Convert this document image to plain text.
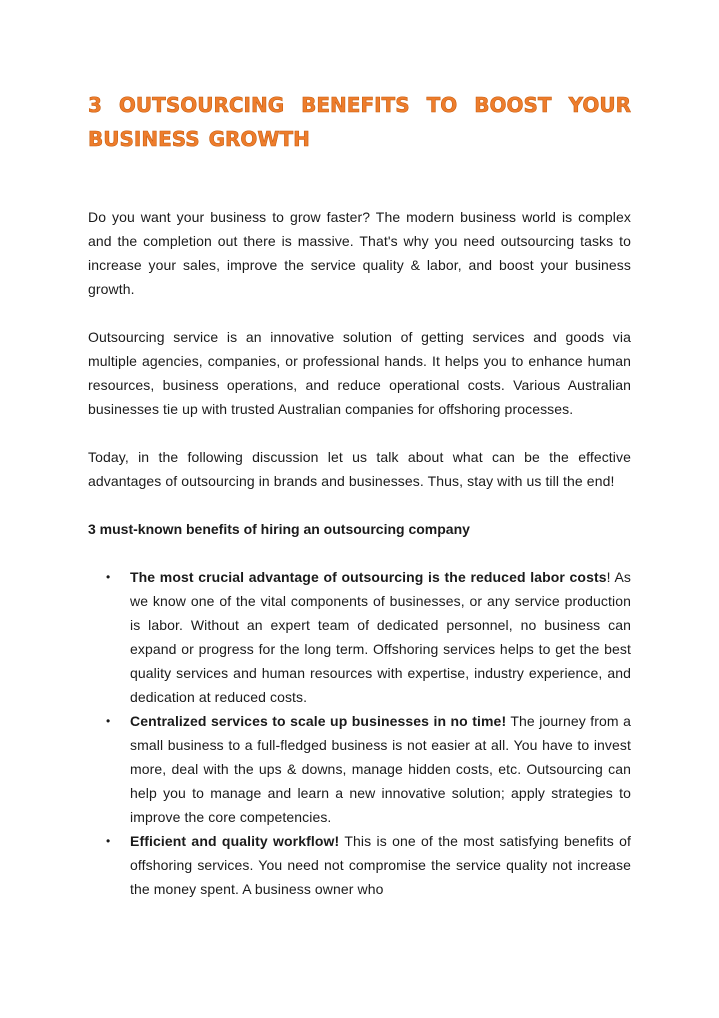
3 OUTSOURCING BENEFITS TO BOOST YOUR BUSINESS GROWTH

Do you want your business to grow faster? The modern business world is complex and the completion out there is massive. That's why you need outsourcing tasks to increase your sales, improve the service quality & labor, and boost your business growth.

Outsourcing service is an innovative solution of getting services and goods via multiple agencies, companies, or professional hands. It helps you to enhance human resources, business operations, and reduce operational costs. Various Australian businesses tie up with trusted Australian companies for offshoring processes.

Today, in the following discussion let us talk about what can be the effective advantages of outsourcing in brands and businesses. Thus, stay with us till the end!

3 must-known benefits of hiring an outsourcing company

• The most crucial advantage of outsourcing is the reduced labor costs! As we know one of the vital components of businesses, or any service production is labor. Without an expert team of dedicated personnel, no business can expand or progress for the long term. Offshoring services helps to get the best quality services and human resources with expertise, industry experience, and dedication at reduced costs.
• Centralized services to scale up businesses in no time! The journey from a small business to a full-fledged business is not easier at all. You have to invest more, deal with the ups & downs, manage hidden costs, etc. Outsourcing can help you to manage and learn a new innovative solution; apply strategies to improve the core competencies.
• Efficient and quality workflow! This is one of the most satisfying benefits of offshoring services. You need not compromise the service quality not increase the money spent. A business owner who
